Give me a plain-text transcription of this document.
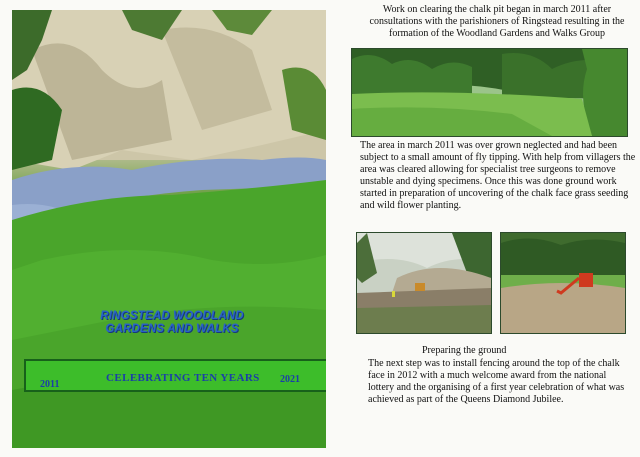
RINGSTEAD WOODLAND
GARDENS AND WALKS
2011
CELEBRATING TEN YEARS 2021
Work on clearing the chalk pit began in march 2011 after consultations with the parishioners of Ringstead resulting in the formation of the Woodland Gardens and Walks Group
The area in march 2011 was over grown neglected and had been subject to a small amount of fly tipping. With help from villagers the area was cleared allowing for specialist tree surgeons to remove unstable and dying specimens. Once this was done ground work started in preparation of uncovering of the chalk face grass seeding and wild flower planting.
Preparing the ground
The next step was to install fencing around the top of the chalk face in 2012 with a much welcome award from the national lottery and the organising of a first year celebration of what was achieved as part of the Queens Diamond Jubilee.
